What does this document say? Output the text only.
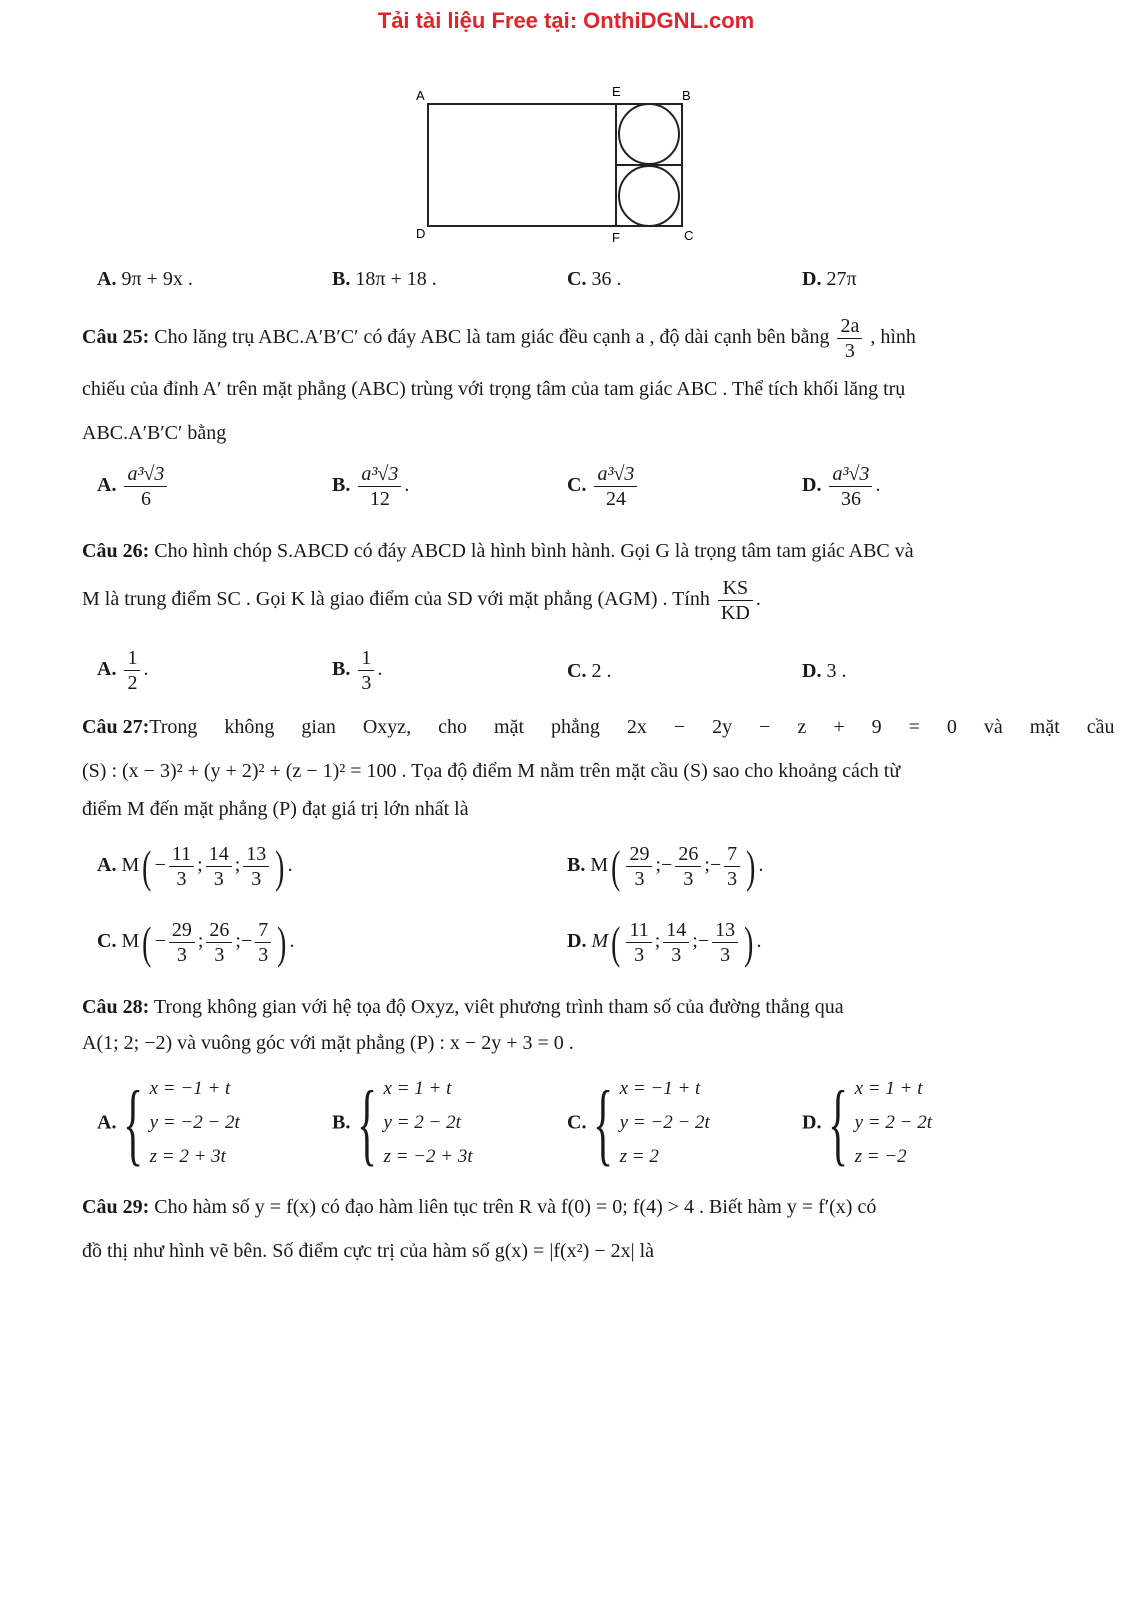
Tải tài liệu Free tại: OnthiDGNL.com
A	E	B
D	F	C
A. 9π + 9x .	B. 18π + 18 .	C. 36 .	D. 27π
Câu 25: Cho lăng trụ ABC.A′B′C′ có đáy ABC là tam giác đều cạnh a , độ dài cạnh bên bằng $\frac{2a}{3}$ , hình
chiếu của đỉnh A′ trên mặt phẳng (ABC) trùng với trọng tâm của tam giác ABC . Thể tích khối lăng trụ
ABC.A′B′C′ bằng
A. $\frac{\text{a³√3}}{6}$	B. $\frac{\text{a³√3}}{12}$ .	C. $\frac{\text{a³√3}}{24}$	D. $\frac{\text{a³√3}}{36}$ .
Câu 26: Cho hình chóp S.ABCD có đáy ABCD là hình bình hành. Gọi G là trọng tâm tam giác ABC và
M là trung điểm SC . Gọi K là giao điểm của SD với mặt phẳng (AGM) . Tính $\frac{KS}{KD}$ .
A. $\frac{1}{2}$ .	B. $\frac{1}{3}$ .	C. 2 .	D. 3 .
Câu 27: Trong không gian Oxyz, cho mặt phẳng 2x − 2y − z + 9 = 0 và mặt cầu
(S) : (x − 3)² + (y + 2)² + (z − 1)² = 100 . Tọa độ điểm M nằm trên mặt cầu (S) sao cho khoảng cách từ
điểm M đến mặt phẳng (P) đạt giá trị lớn nhất là
A. $M( - \frac{11}{3}$ ; $\frac{14}{3}$ ; $\frac{13}{3}$ ) .	B. $M( \frac{29}{3}$ ;− $\frac{26}{3}$ ;− $\frac{7}{3}$ ) .
C. $M( - \frac{29}{3}$ ; $\frac{26}{3}$ ;− $\frac{7}{3}$ ) .	D. $M( \frac{11}{3}$ ; $\frac{14}{3}$ ;− $\frac{13}{3}$ ) .
Câu 28: Trong không gian với hệ tọa độ Oxyz, viêt phương trình tham số của đường thẳng qua
A(1; 2; −2) và vuông góc với mặt phẳng (P) : x − 2y + 3 = 0 .
A. { x = −1 + t
y = −2 − 2t
z = 2 + 3t
B. { x = 1 + t
y = 2 − 2t
z = −2 + 3t
C. { x = −1 + t
y = −2 − 2t
z = 2
D. { x = 1 + t
y = 2 − 2t
z = −2
Câu 29: Cho hàm số y = f(x) có đạo hàm liên tục trên R và f(0) = 0; f(4) > 4 . Biết hàm y = f′(x) có
đồ thị như hình vẽ bên. Số điểm cực trị của hàm số g(x) = |f(x²) − 2x| là
